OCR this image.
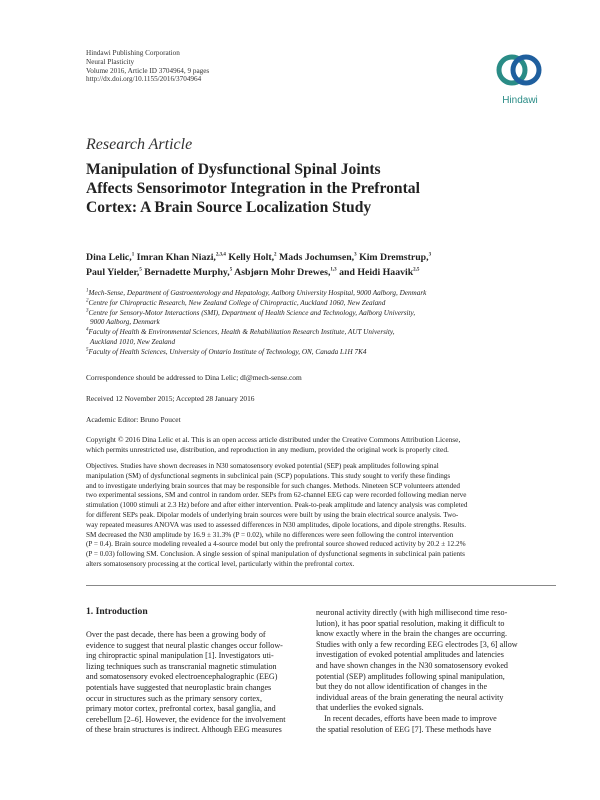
Hindawi Publishing Corporation
Neural Plasticity
Volume 2016, Article ID 3704964, 9 pages
http://dx.doi.org/10.1155/2016/3704964
Hindawi
Research Article
Manipulation of Dysfunctional Spinal Joints
Affects Sensorimotor Integration in the Prefrontal
Cortex: A Brain Source Localization Study
Dina Lelic,$^1$ Imran Khan Niazi,$^{2,3,4}$ Kelly Holt,$^2$ Mads Jochumsen,$^3$ Kim Dremstrup,$^3$
Paul Yielder,$^5$ Bernadette Murphy,$^5$ Asbjørn Mohr Drewes,$^{1,3}$ and Heidi Haavik$^{2,5}$
$^1$Mech-Sense, Department of Gastroenterology and Hepatology, Aalborg University Hospital, 9000 Aalborg, Denmark
$^2$Centre for Chiropractic Research, New Zealand College of Chiropractic, Auckland 1060, New Zealand
$^3$Centre for Sensory-Motor Interactions (SMI), Department of Health Science and Technology, Aalborg University,
9000 Aalborg, Denmark
$^4$Faculty of Health & Environmental Sciences, Health & Rehabilitation Research Institute, AUT University,
Auckland 1010, New Zealand
$^5$Faculty of Health Sciences, University of Ontario Institute of Technology, ON, Canada L1H 7K4
Correspondence should be addressed to Dina Lelic; dl@mech-sense.com
Received 12 November 2015; Accepted 28 January 2016
Academic Editor: Bruno Poucet
Copyright © 2016 Dina Lelic et al. This is an open access article distributed under the Creative Commons Attribution License,
which permits unrestricted use, distribution, and reproduction in any medium, provided the original work is properly cited.
Objectives. Studies have shown decreases in N30 somatosensory evoked potential (SEP) peak amplitudes following spinal
manipulation (SM) of dysfunctional segments in subclinical pain (SCP) populations. This study sought to verify these findings
and to investigate underlying brain sources that may be responsible for such changes. Methods. Nineteen SCP volunteers attended
two experimental sessions, SM and control in random order. SEPs from 62-channel EEG cap were recorded following median nerve
stimulation (1000 stimuli at 2.3 Hz) before and after either intervention. Peak-to-peak amplitude and latency analysis was completed
for different SEPs peak. Dipolar models of underlying brain sources were built by using the brain electrical source analysis. Two-
way repeated measures ANOVA was used to assessed differences in N30 amplitudes, dipole locations, and dipole strengths. Results.
SM decreased the N30 amplitude by 16.9 ± 31.3% (P = 0.02), while no differences were seen following the control intervention
(P = 0.4). Brain source modeling revealed a 4-source model but only the prefrontal source showed reduced activity by 20.2 ± 12.2%
(P = 0.03) following SM. Conclusion. A single session of spinal manipulation of dysfunctional segments in subclinical pain patients
alters somatosensory processing at the cortical level, particularly within the prefrontal cortex.
1. Introduction
Over the past decade, there has been a growing body of
evidence to suggest that neural plastic changes occur follow-
ing chiropractic spinal manipulation [1]. Investigators uti-
lizing techniques such as transcranial magnetic stimulation
and somatosensory evoked electroencephalographic (EEG)
potentials have suggested that neuroplastic brain changes
occur in structures such as the primary sensory cortex,
primary motor cortex, prefrontal cortex, basal ganglia, and
cerebellum [2–6]. However, the evidence for the involvement
of these brain structures is indirect. Although EEG measures
neuronal activity directly (with high millisecond time reso-
lution), it has poor spatial resolution, making it difficult to
know exactly where in the brain the changes are occurring.
Studies with only a few recording EEG electrodes [3, 6] allow
investigation of evoked potential amplitudes and latencies
and have shown changes in the N30 somatosensory evoked
potential (SEP) amplitudes following spinal manipulation,
but they do not allow identification of changes in the
individual areas of the brain generating the neural activity
that underlies the evoked signals.
In recent decades, efforts have been made to improve
the spatial resolution of EEG [7]. These methods have
